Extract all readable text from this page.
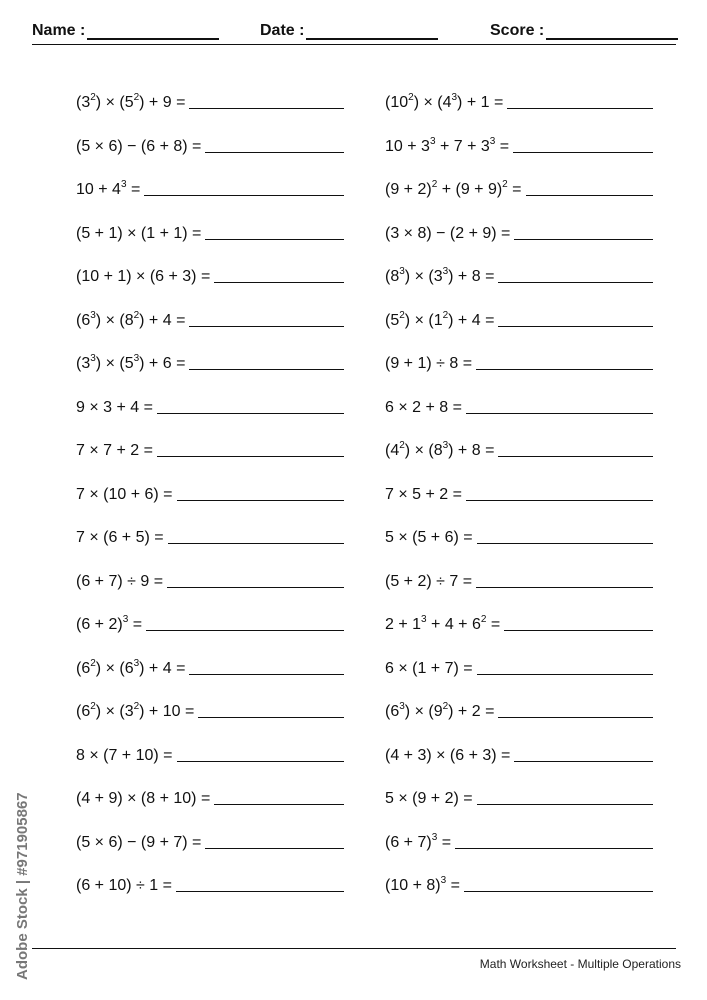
Name :	Date :	Score :
$(3^2) \times (5^2) + 9$ =
(5 × 6) − (6 + 8) =
$10 + 4^3$ =
(5 + 1) × (1 + 1) =
(10 + 1) × (6 + 3) =
$(6^3) \times (8^2) + 4$ =
$(3^3) \times (5^3) + 6$ =
9 × 3 + 4 =
7 × 7 + 2 =
7 × (10 + 6) =
7 × (6 + 5) =
(6 + 7) ÷ 9 =
$(6 + 2)^3$ =
$(6^2) \times (6^3) + 4$ =
$(6^2) \times (3^2) + 10$ =
8 × (7 + 10) =
(4 + 9) × (8 + 10) =
(5 × 6) − (9 + 7) =
(6 + 10) ÷ 1 =
$(10^2) \times (4^3) + 1$ =
$10 + 3^3 + 7 + 3^3$ =
$(9 + 2)^2 + (9 + 9)^2$ =
(3 × 8) − (2 + 9) =
$(8^3) \times (3^3) + 8$ =
$(5^2) \times (1^2) + 4$ =
(9 + 1) ÷ 8 =
6 × 2 + 8 =
$(4^2) \times (8^3) + 8$ =
7 × 5 + 2 =
5 × (5 + 6) =
(5 + 2) ÷ 7 =
$2 + 1^3 + 4 + 6^2$ =
6 × (1 + 7) =
$(6^3) \times (9^2) + 2$ =
(4 + 3) × (6 + 3) =
5 × (9 + 2) =
$(6 + 7)^3$ =
$(10 + 8)^3$ =
Math Worksheet - Multiple Operations
Adobe Stock | #971905867
